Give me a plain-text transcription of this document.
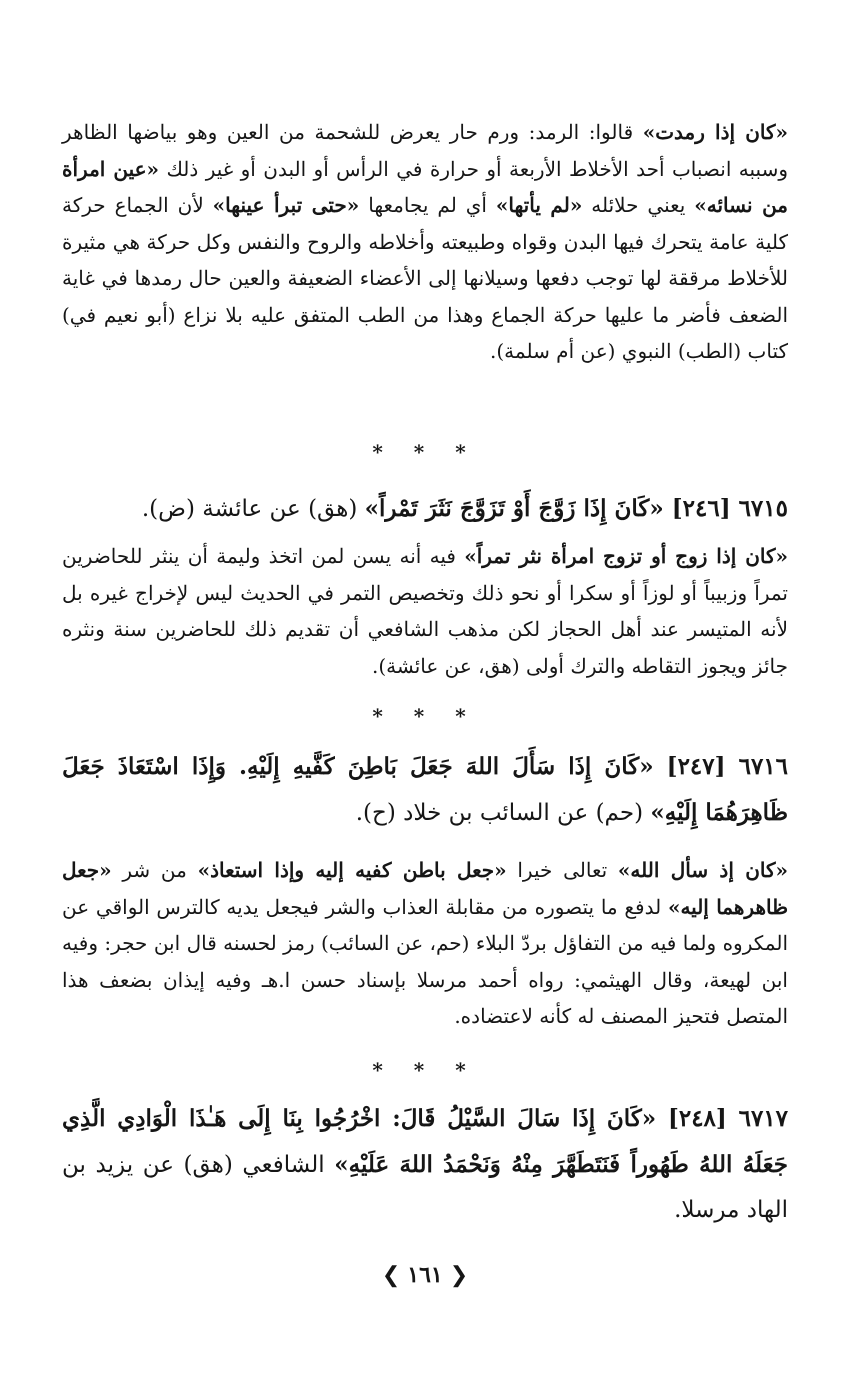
«كان إذا رمدت» قالوا: الرمد: ورم حار يعرض للشحمة من العين وهو بياضها الظاهر وسببه انصباب أحد الأخلاط الأربعة أو حرارة في الرأس أو البدن أو غير ذلك «عين امرأة من نسائه» يعني حلائله «لم يأتها» أي لم يجامعها «حتى تبرأ عينها» لأن الجماع حركة كلية عامة يتحرك فيها البدن وقواه وطبيعته وأخلاطه والروح والنفس وكل حركة هي مثيرة للأخلاط مرققة لها توجب دفعها وسيلانها إلى الأعضاء الضعيفة والعين حال رمدها في غاية الضعف فأضر ما عليها حركة الجماع وهذا من الطب المتفق عليه بلا نزاع (أبو نعيم في) كتاب (الطب) النبوي (عن أم سلمة).

* * *

٦٧١٥ [٢٤٦] «كَانَ إِذَا زَوَّجَ أَوْ تَزَوَّجَ نَثَرَ تَمْراً» (هق) عن عائشة (ض).

«كان إذا زوج أو تزوج امرأة نثر تمراً» فيه أنه يسن لمن اتخذ وليمة أن ينثر للحاضرين تمراً وزبيباً أو لوزاً أو سكرا أو نحو ذلك وتخصيص التمر في الحديث ليس لإخراج غيره بل لأنه المتيسر عند أهل الحجاز لكن مذهب الشافعي أن تقديم ذلك للحاضرين سنة ونثره جائز ويجوز التقاطه والترك أولى (هق، عن عائشة).

* * *

٦٧١٦ [٢٤٧] «كَانَ إِذَا سَأَلَ اللهَ جَعَلَ بَاطِنَ كَفَّيهِ إِلَيْهِ. وَإِذَا اسْتَعَاذَ جَعَلَ ظَاهِرَهُمَا إِلَيْهِ» (حم) عن السائب بن خلاد (ح).

«كان إذ سأل الله» تعالى خيرا «جعل باطن كفيه إليه وإذا استعاذ» من شر «جعل ظاهرهما إليه» لدفع ما يتصوره من مقابلة العذاب والشر فيجعل يديه كالترس الواقي عن المكروه ولما فيه من التفاؤل بردّ البلاء (حم، عن السائب) رمز لحسنه قال ابن حجر: وفيه ابن لهيعة، وقال الهيثمي: رواه أحمد مرسلا بإسناد حسن ا.هـ وفيه إيذان بضعف هذا المتصل فتحيز المصنف له كأنه لاعتضاده.

* * *

٦٧١٧ [٢٤٨] «كَانَ إِذَا سَالَ السَّيْلُ قَالَ: اخْرُجُوا بِنَا إِلَى هَـٰذَا الْوَادِي الَّذِي جَعَلَهُ اللهُ طَهُوراً فَنَتَطَهَّرَ مِنْهُ وَنَحْمَدُ اللهَ عَلَيْهِ» الشافعي (هق) عن يزيد بن الهاد مرسلا.

❮ ١٦١ ❯
